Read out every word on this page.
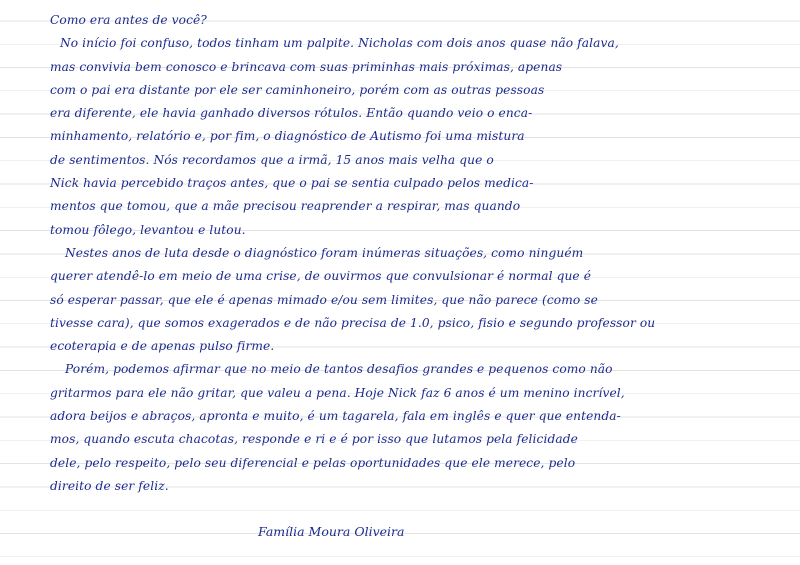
Como era antes de você?
No início foi confuso, todos tinham um palpite. Nicholas com dois anos quase não falava,
mas convivia bem conosco e brincava com suas priminhas mais próximas, apenas
com o pai era distante por ele ser caminhoneiro, porém com as outras pessoas
era diferente, ele havia ganhado diversos rótulos. Então quando veio o enca-
minhamento, relatório e, por fim, o diagnóstico de Autismo foi uma mistura
de sentimentos. Nós recordamos que a irmã, 15 anos mais velha que o
Nick havia percebido traços antes, que o pai se sentia culpado pelos medica-
mentos que tomou, que a mãe precisou reaprender a respirar, mas quando
tomou fôlego, levantou e lutou.
Nestes anos de luta desde o diagnóstico foram inúmeras situações, como ninguém
querer atendê-lo em meio de uma crise, de ouvirmos que convulsionar é normal que é
só esperar passar, que ele é apenas mimado e/ou sem limites, que não parece (como se
tivesse cara), que somos exagerados e de não precisa de 1.0, psico, fisio e segundo professor ou
ecoterapia e de apenas pulso firme.
Porém, podemos afirmar que no meio de tantos desafios grandes e pequenos como não
gritarmos para ele não gritar, que valeu a pena. Hoje Nick faz 6 anos é um menino incrível,
adora beijos e abraços, apronta e muito, é um tagarela, fala em inglês e quer que entenda-
mos, quando escuta chacotas, responde e ri e é por isso que lutamos pela felicidade
dele, pelo respeito, pelo seu diferencial e pelas oportunidades que ele merece, pelo
direito de ser feliz.
Família Moura Oliveira
